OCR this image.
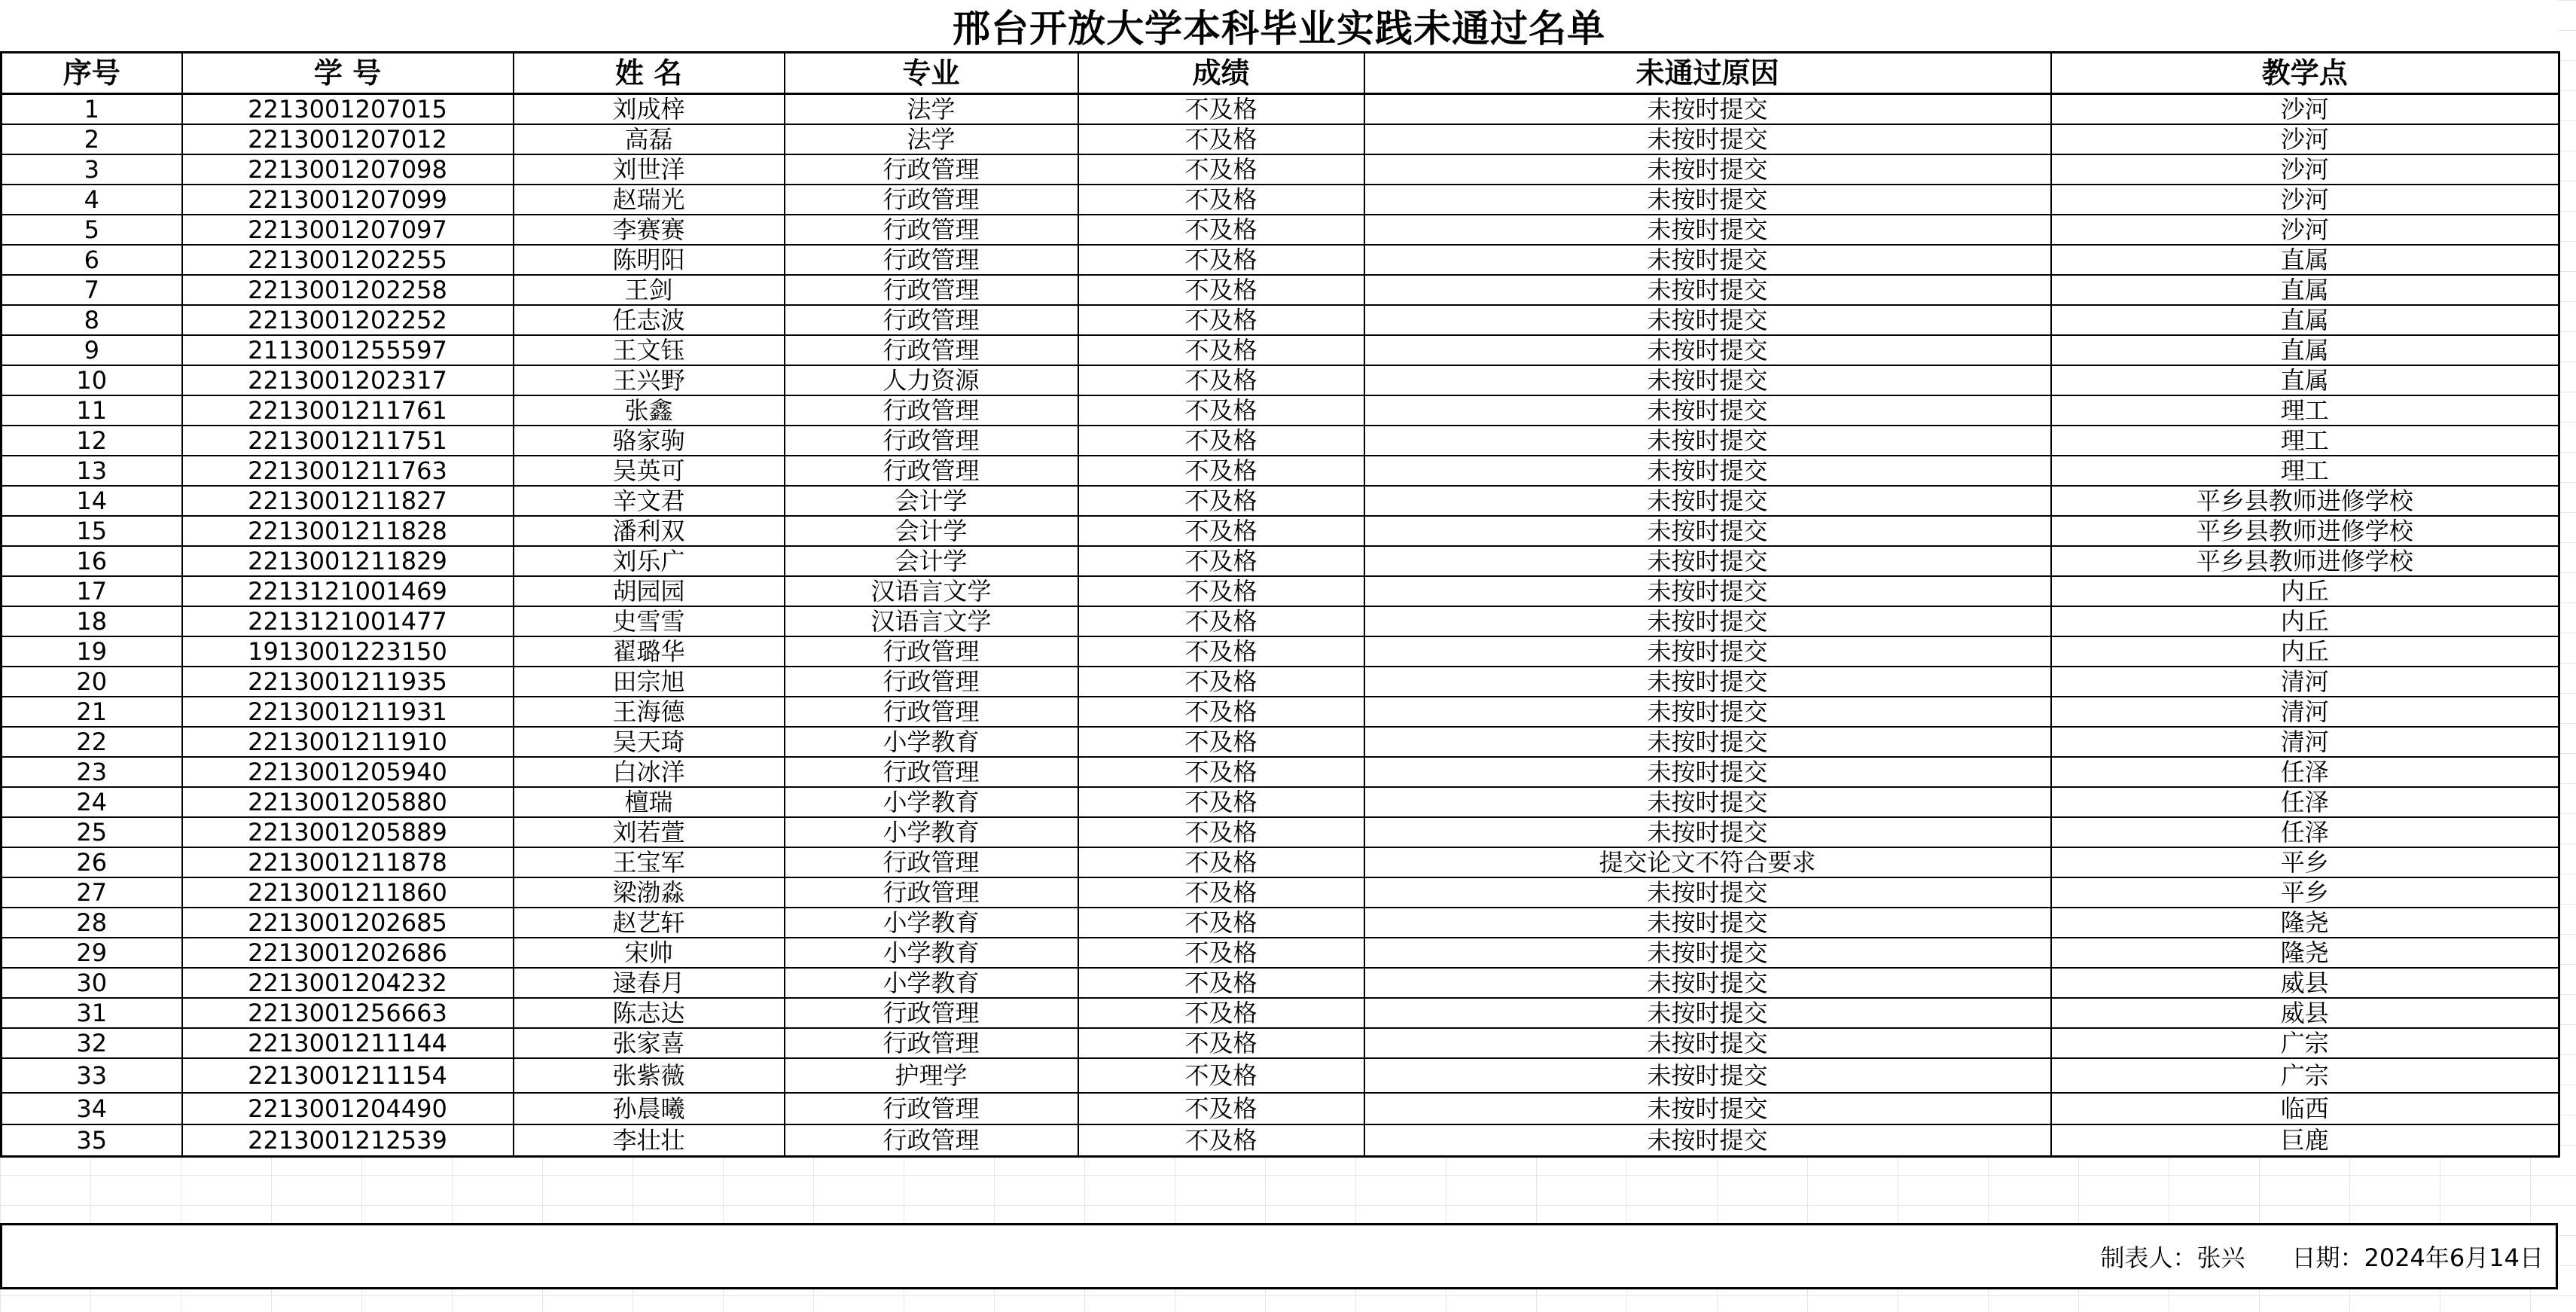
邢台开放大学本科毕业实践未通过名单
序号	学 号	姓 名	专业	成绩	未通过原因	教学点
1	2213001207015	刘成梓	法学	不及格	未按时提交	沙河
2	2213001207012	高磊	法学	不及格	未按时提交	沙河
3	2213001207098	刘世洋	行政管理	不及格	未按时提交	沙河
4	2213001207099	赵瑞光	行政管理	不及格	未按时提交	沙河
5	2213001207097	李赛赛	行政管理	不及格	未按时提交	沙河
6	2213001202255	陈明阳	行政管理	不及格	未按时提交	直属
7	2213001202258	王剑	行政管理	不及格	未按时提交	直属
8	2213001202252	任志波	行政管理	不及格	未按时提交	直属
9	2113001255597	王文钰	行政管理	不及格	未按时提交	直属
10	2213001202317	王兴野	人力资源	不及格	未按时提交	直属
11	2213001211761	张鑫	行政管理	不及格	未按时提交	理工
12	2213001211751	骆家驹	行政管理	不及格	未按时提交	理工
13	2213001211763	吴英可	行政管理	不及格	未按时提交	理工
14	2213001211827	辛文君	会计学	不及格	未按时提交	平乡县教师进修学校
15	2213001211828	潘利双	会计学	不及格	未按时提交	平乡县教师进修学校
16	2213001211829	刘乐广	会计学	不及格	未按时提交	平乡县教师进修学校
17	2213121001469	胡园园	汉语言文学	不及格	未按时提交	内丘
18	2213121001477	史雪雪	汉语言文学	不及格	未按时提交	内丘
19	1913001223150	翟璐华	行政管理	不及格	未按时提交	内丘
20	2213001211935	田宗旭	行政管理	不及格	未按时提交	清河
21	2213001211931	王海德	行政管理	不及格	未按时提交	清河
22	2213001211910	吴天琦	小学教育	不及格	未按时提交	清河
23	2213001205940	白冰洋	行政管理	不及格	未按时提交	任泽
24	2213001205880	檀瑞	小学教育	不及格	未按时提交	任泽
25	2213001205889	刘若萱	小学教育	不及格	未按时提交	任泽
26	2213001211878	王宝军	行政管理	不及格	提交论文不符合要求	平乡
27	2213001211860	梁渤淼	行政管理	不及格	未按时提交	平乡
28	2213001202685	赵艺轩	小学教育	不及格	未按时提交	隆尧
29	2213001202686	宋帅	小学教育	不及格	未按时提交	隆尧
30	2213001204232	逯春月	小学教育	不及格	未按时提交	威县
31	2213001256663	陈志达	行政管理	不及格	未按时提交	威县
32	2213001211144	张家喜	行政管理	不及格	未按时提交	广宗
33	2213001211154	张紫薇	护理学	不及格	未按时提交	广宗
34	2213001204490	孙晨曦	行政管理	不及格	未按时提交	临西
35	2213001212539	李壮壮	行政管理	不及格	未按时提交	巨鹿
制表人： 张兴 日期： 2024年6月14日
